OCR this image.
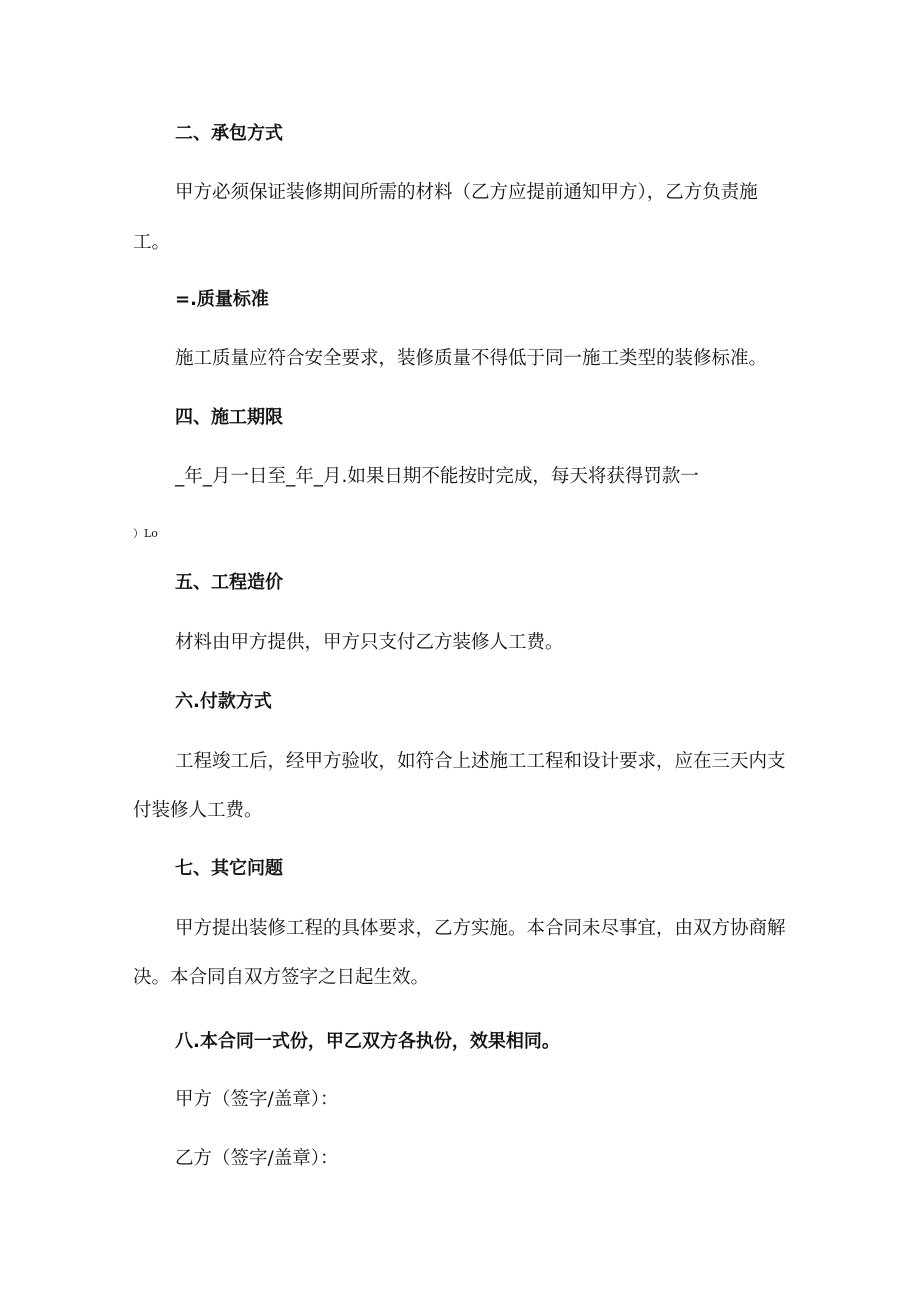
二、承包方式
甲方必须保证装修期间所需的材料（乙方应提前通知甲方），乙方负责施
工。
=.质量标准
施工质量应符合安全要求，装修质量不得低于同一施工类型的装修标准。
四、施工期限
_年_月一日至_年_月.如果日期不能按时完成，每天将获得罚款一
）Lo
五、工程造价
材料由甲方提供，甲方只支付乙方装修人工费。
六.付款方式
工程竣工后，经甲方验收，如符合上述施工工程和设计要求，应在三天内支
付装修人工费。
七、其它问题
甲方提出装修工程的具体要求，乙方实施。本合同未尽事宜，由双方协商解
决。本合同自双方签字之日起生效。
八.本合同一式份，甲乙双方各执份，效果相同。
甲方（签字/盖章）：
乙方（签字/盖章）：
